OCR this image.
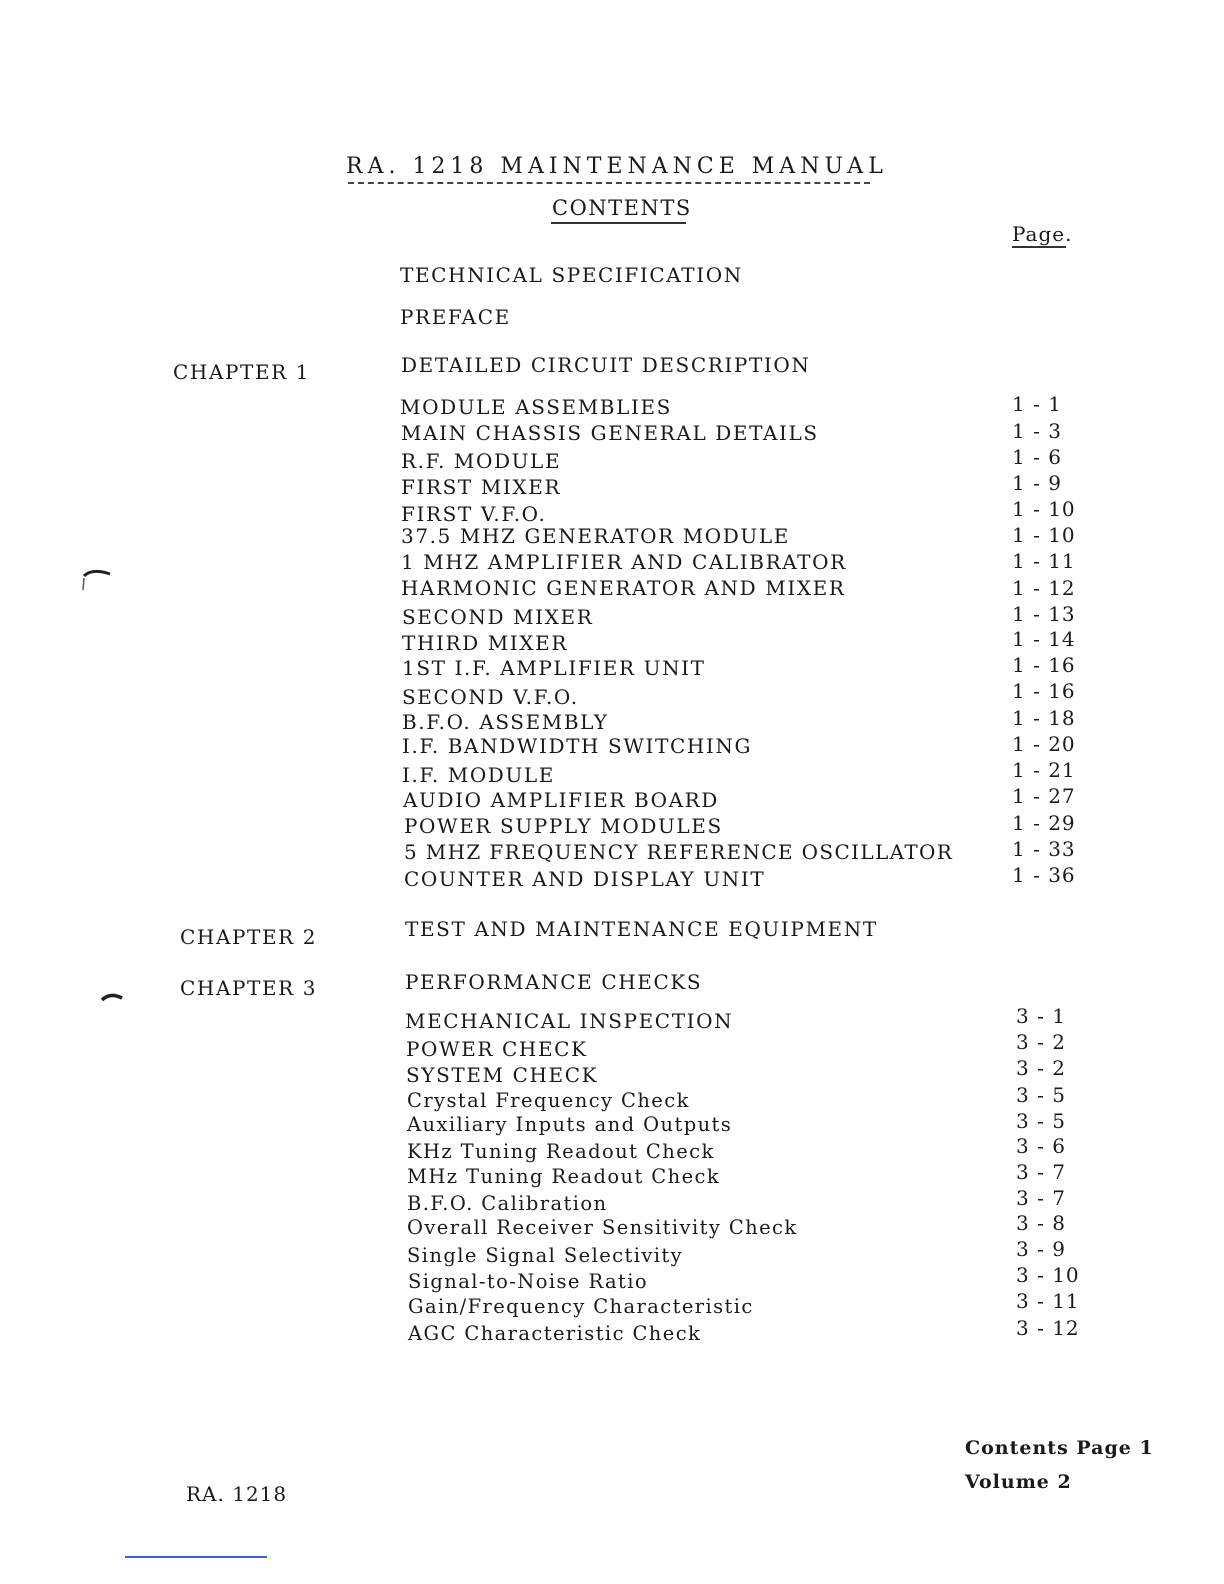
RA. 1218 MAINTENANCE MANUAL
CONTENTS
Page.
TECHNICAL SPECIFICATION
PREFACE
CHAPTER 1	DETAILED CIRCUIT DESCRIPTION
MODULE ASSEMBLIES	1 - 1
MAIN CHASSIS GENERAL DETAILS	1 - 3
R.F. MODULE	1 - 6
FIRST MIXER	1 - 9
FIRST V.F.O.	1 - 10
37.5 MHZ GENERATOR MODULE	1 - 10
1 MHZ AMPLIFIER AND CALIBRATOR	1 - 11
HARMONIC GENERATOR AND MIXER	1 - 12
SECOND MIXER	1 - 13
THIRD MIXER	1 - 14
1ST I.F. AMPLIFIER UNIT	1 - 16
SECOND V.F.O.	1 - 16
B.F.O. ASSEMBLY	1 - 18
I.F. BANDWIDTH SWITCHING	1 - 20
I.F. MODULE	1 - 21
AUDIO AMPLIFIER BOARD	1 - 27
POWER SUPPLY MODULES	1 - 29
5 MHZ FREQUENCY REFERENCE OSCILLATOR	1 - 33
COUNTER AND DISPLAY UNIT	1 - 36
CHAPTER 2	TEST AND MAINTENANCE EQUIPMENT
CHAPTER 3	PERFORMANCE CHECKS
MECHANICAL INSPECTION	3 - 1
POWER CHECK	3 - 2
SYSTEM CHECK	3 - 2
Crystal Frequency Check	3 - 5
Auxiliary Inputs and Outputs	3 - 5
KHz Tuning Readout Check	3 - 6
MHz Tuning Readout Check	3 - 7
B.F.O. Calibration	3 - 7
Overall Receiver Sensitivity Check	3 - 8
Single Signal Selectivity	3 - 9
Signal-to-Noise Ratio	3 - 10
Gain/Frequency Characteristic	3 - 11
AGC Characteristic Check	3 - 12
RA. 1218
Contents Page 1
Volume 2
